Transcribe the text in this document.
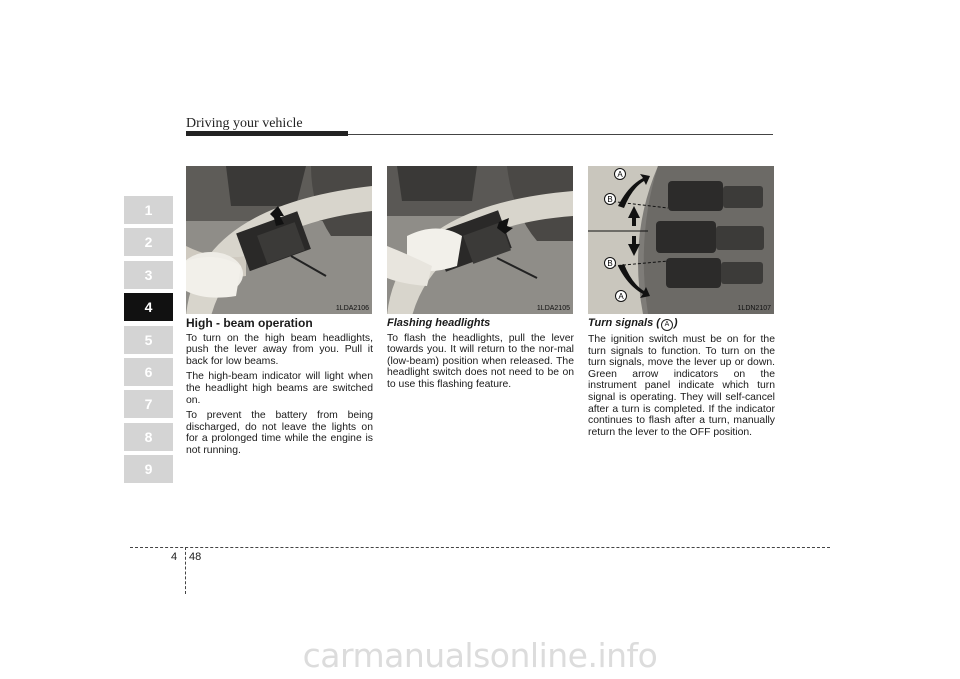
Driving your vehicle
1
2
3
4
5
6
7
8
9
1LDA2106	1LDA2105
A
B
B
A
1LDN2107
High - beam operation

To turn on the high beam headlights, push the lever away from you. Pull it back for low beams.

The high-beam indicator will light when the headlight high beams are switched on.

To prevent the battery from being discharged, do not leave the lights on for a prolonged time while the engine is not running.

Flashing headlights

To flash the headlights, pull the lever towards you. It will return to the nor-mal (low-beam) position when released. The headlight switch does not need to be on to use this flashing feature.

Turn signals ( A )

The ignition switch must be on for the turn signals to function. To turn on the turn signals, move the lever up or down. Green arrow indicators on the instrument panel indicate which turn signal is operating. They will self-cancel after a turn is completed. If the indicator continues to flash after a turn, manually return the lever to the OFF position.

4 48
carmanualsonline.info
